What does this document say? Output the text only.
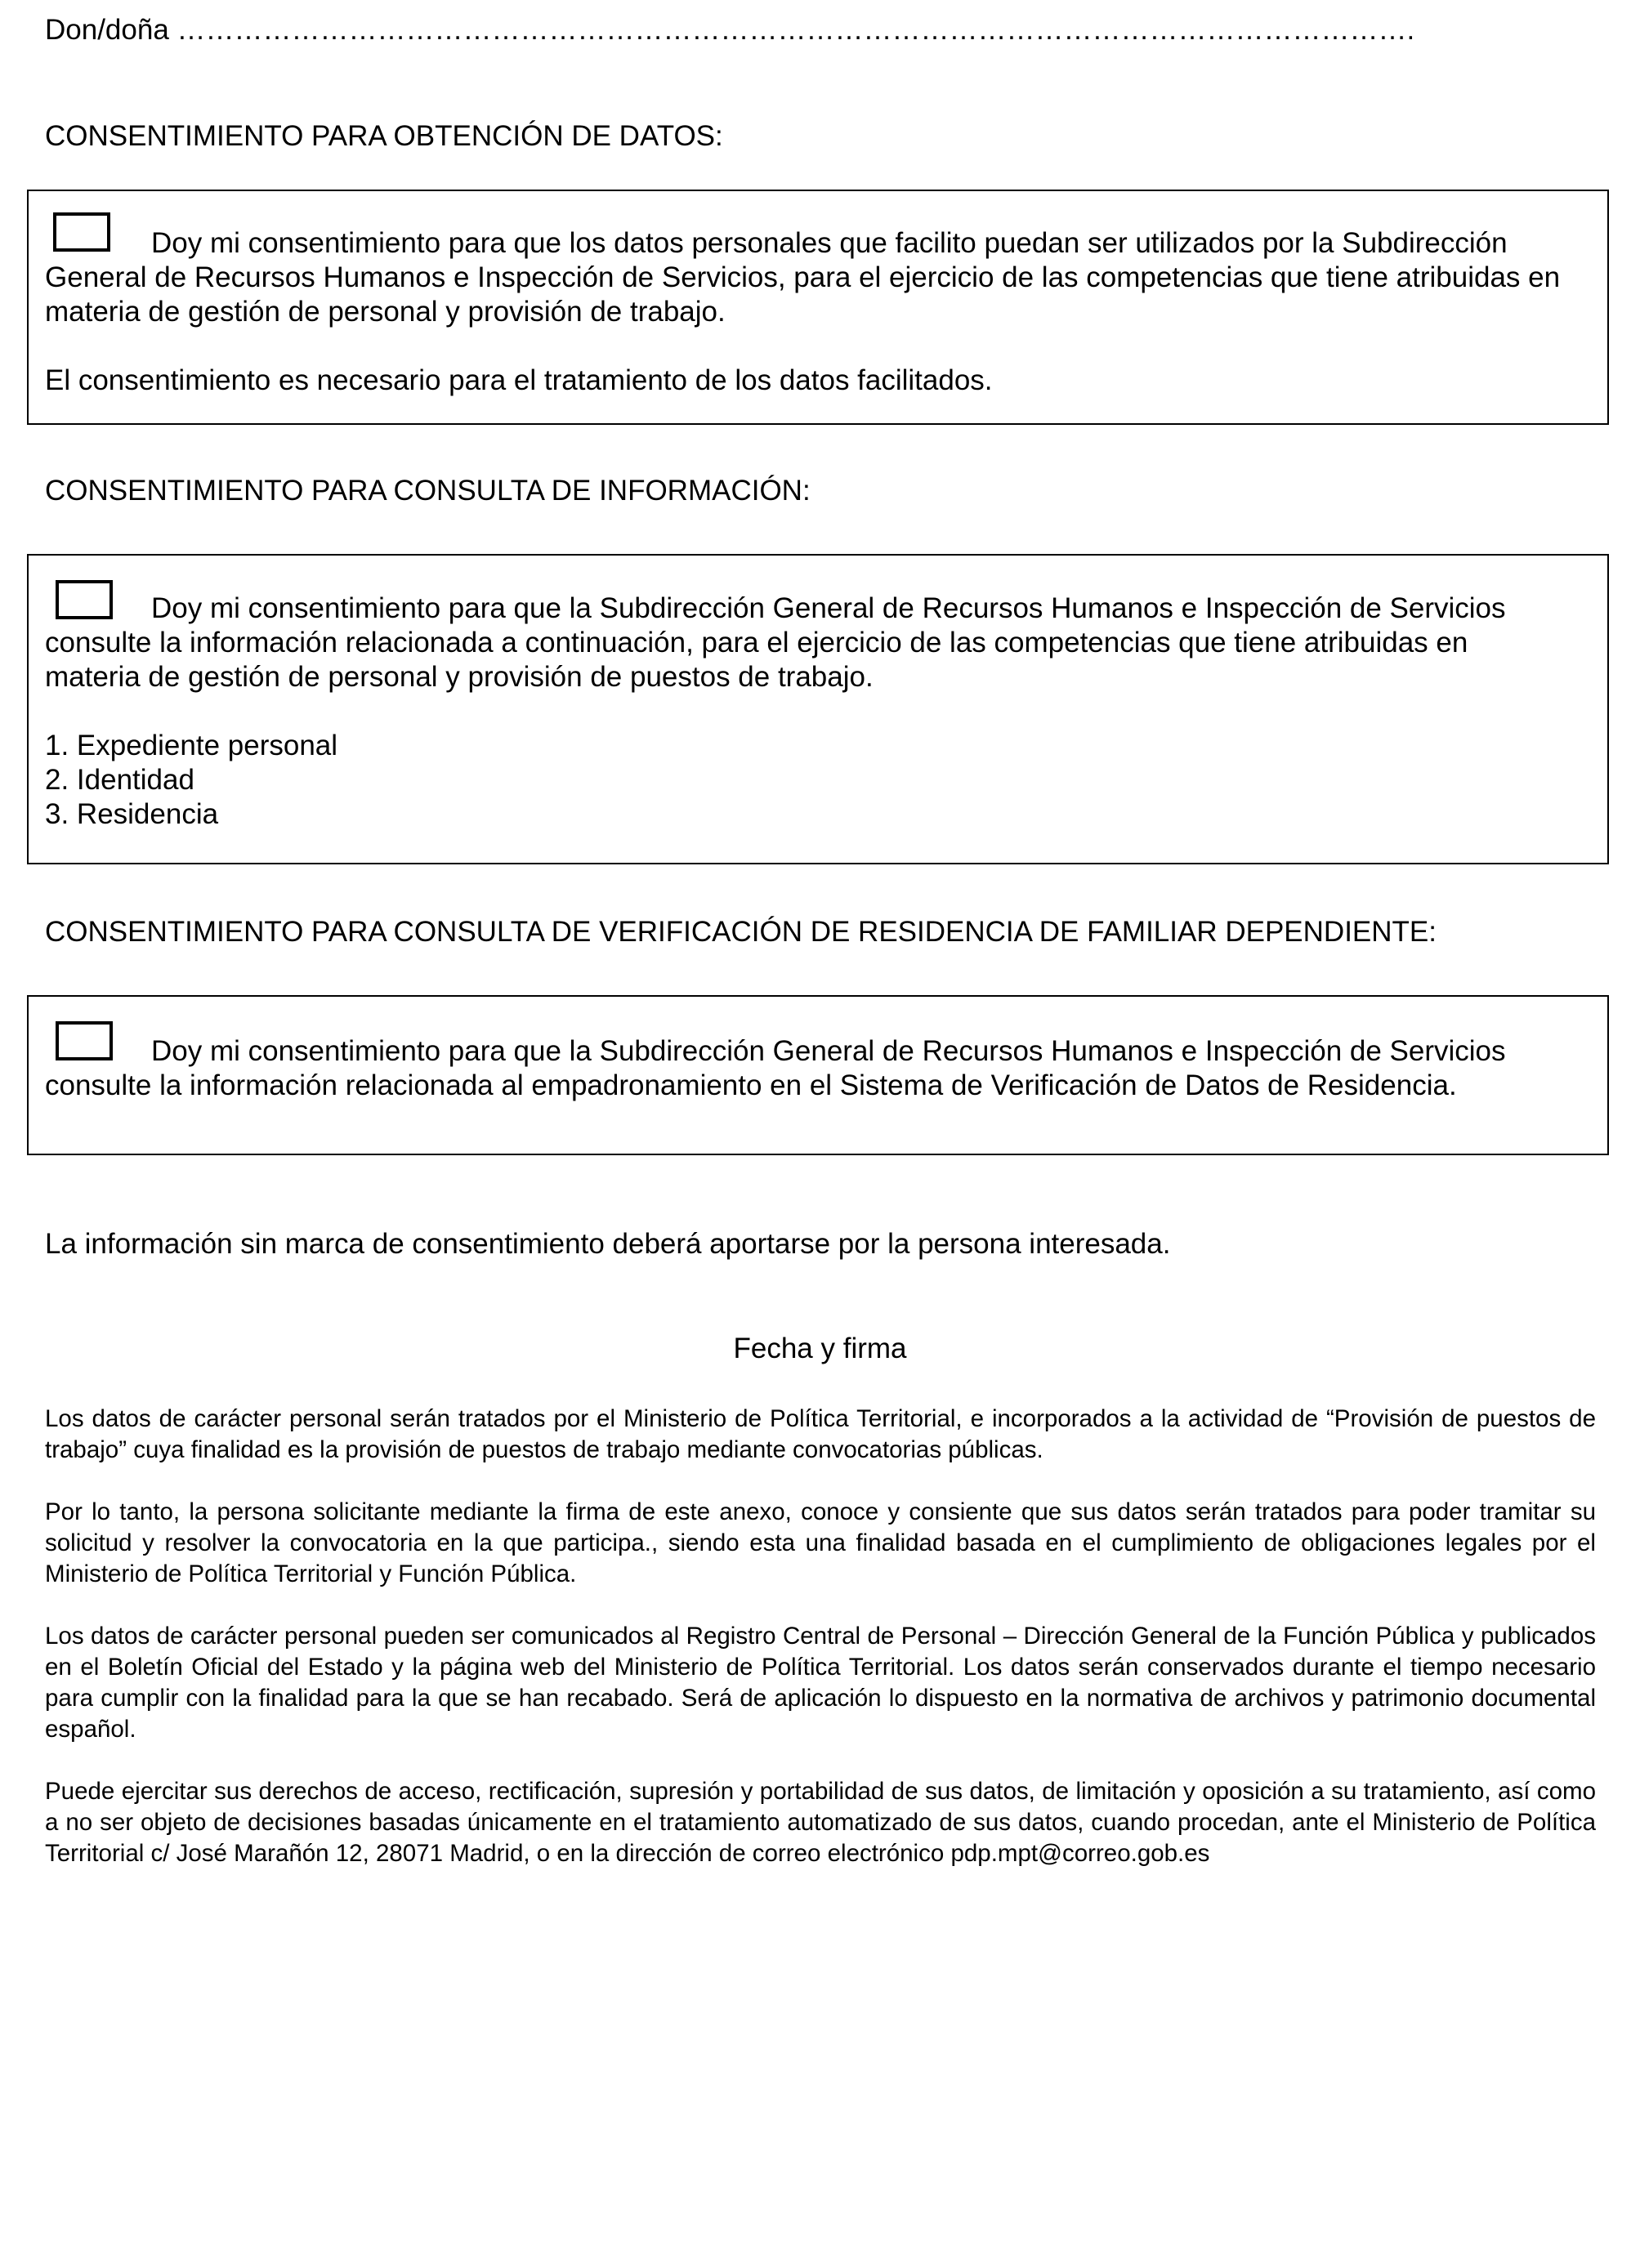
Don/doña ………………………………………………………………………………………………………………….
CONSENTIMIENTO PARA OBTENCIÓN DE DATOS:
Doy mi consentimiento para que los datos personales que facilito puedan ser utilizados por la Subdirección
General de Recursos Humanos e Inspección de Servicios, para el ejercicio de las competencias que tiene atribuidas en
materia de gestión de personal y provisión de trabajo.
El consentimiento es necesario para el tratamiento de los datos facilitados.
CONSENTIMIENTO PARA CONSULTA DE INFORMACIÓN:
Doy mi consentimiento para que la Subdirección General de Recursos Humanos e Inspección de Servicios
consulte la información relacionada a continuación, para el ejercicio de las competencias que tiene atribuidas en
materia de gestión de personal y provisión de puestos de trabajo.
1. Expediente personal
2. Identidad
3. Residencia
CONSENTIMIENTO PARA CONSULTA DE VERIFICACIÓN DE RESIDENCIA DE FAMILIAR DEPENDIENTE:
Doy mi consentimiento para que la Subdirección General de Recursos Humanos e Inspección de Servicios
consulte la información relacionada al empadronamiento en el Sistema de Verificación de Datos de Residencia.
La información sin marca de consentimiento deberá aportarse por la persona interesada.
Fecha y firma
Los datos de carácter personal serán tratados por el Ministerio de Política Territorial, e incorporados a la actividad de “Provisión de puestos de trabajo” cuya finalidad es la provisión de puestos de trabajo mediante convocatorias públicas.
Por lo tanto, la persona solicitante mediante la firma de este anexo, conoce y consiente que sus datos serán tratados para poder tramitar su solicitud y resolver la convocatoria en la que participa., siendo esta una finalidad basada en el cumplimiento de obligaciones legales por el Ministerio de Política Territorial y Función Pública.
Los datos de carácter personal pueden ser comunicados al Registro Central de Personal – Dirección General de la Función Pública y publicados en el Boletín Oficial del Estado y la página web del Ministerio de Política Territorial. Los datos serán conservados durante el tiempo necesario para cumplir con la finalidad para la que se han recabado. Será de aplicación lo dispuesto en la normativa de archivos y patrimonio documental español.
Puede ejercitar sus derechos de acceso, rectificación, supresión y portabilidad de sus datos, de limitación y oposición a su tratamiento, así como a no ser objeto de decisiones basadas únicamente en el tratamiento automatizado de sus datos, cuando procedan, ante el Ministerio de Política Territorial c/ José Marañón 12, 28071 Madrid, o en la dirección de correo electrónico pdp.mpt@correo.gob.es
